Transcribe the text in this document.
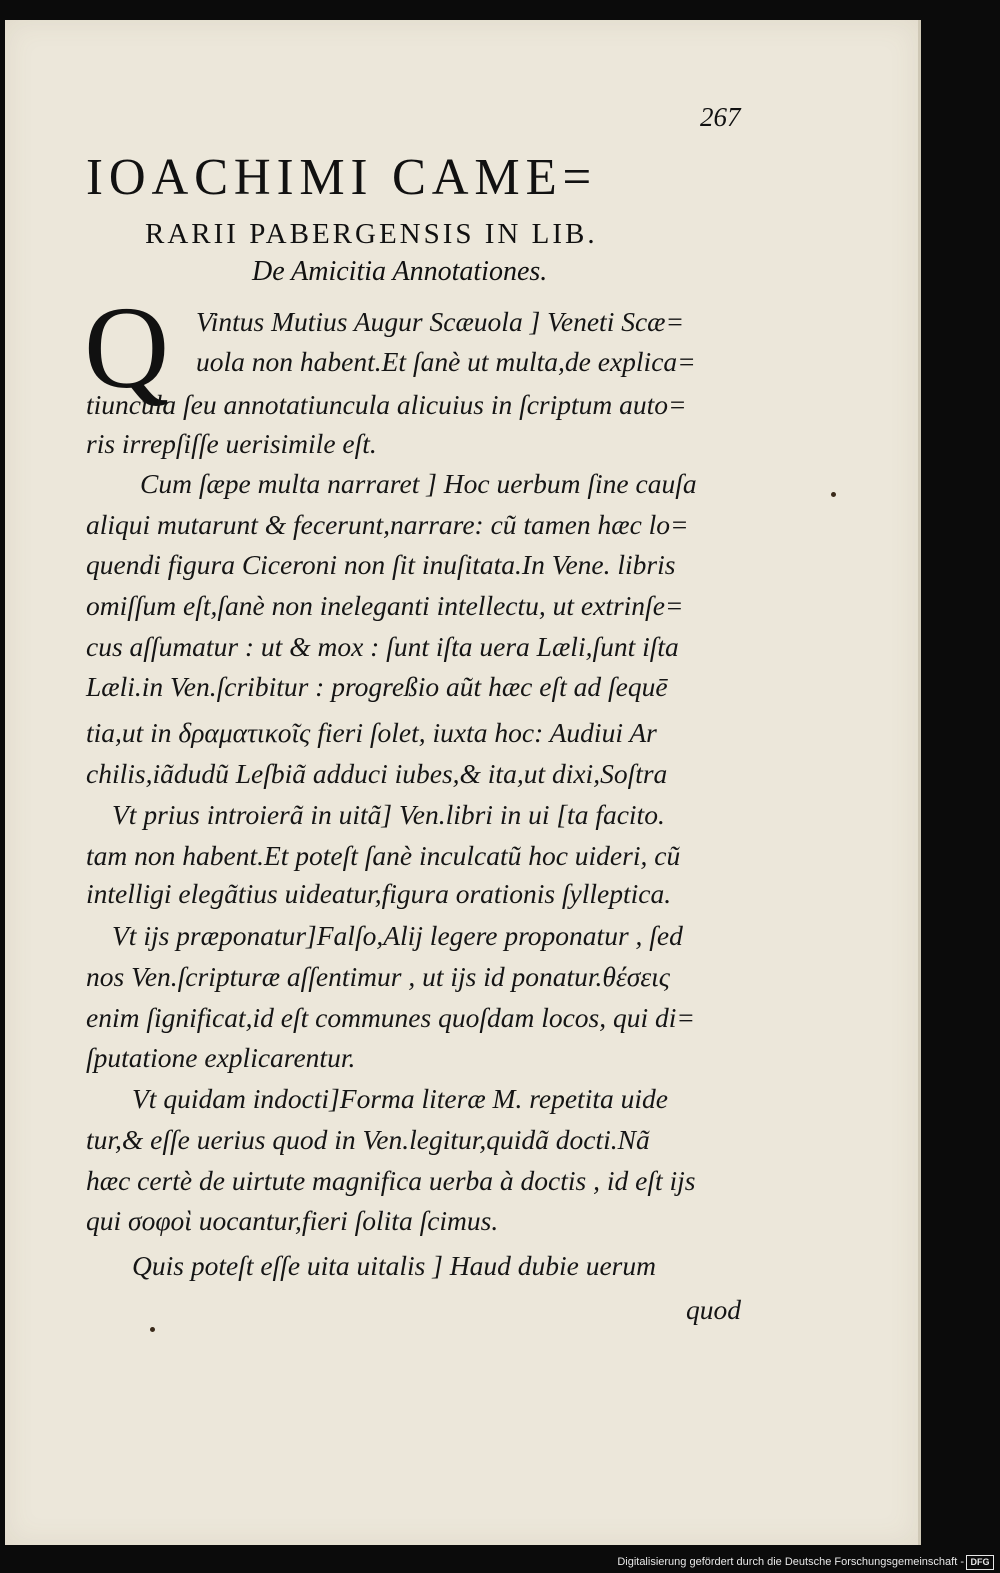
267
IOACHIMI CAME=
RARII PABERGENSIS IN LIB.
De Amicitia Annotationes.
Q Vintus Mutius Augur Scæuola ] Veneti Scæ=
uola non habent.Et ſanè ut multa,de explica=
tiuncula ſeu annotatiuncula alicuius in ſcriptum auto=
ris irrepſiſſe uerisimile eſt.
Cum ſæpe multa narraret ] Hoc uerbum ſine cauſa
aliqui mutarunt & fecerunt,narrare: cũ tamen hæc lo=
quendi figura Ciceroni non ſit inuſitata.In Vene. libris
omiſſum eſt,ſanè non ineleganti intellectu, ut extrinſe=
cus aſſumatur : ut & mox : ſunt iſta uera Læli,ſunt iſta
Læli.in Ven.ſcribitur : progreßio aũt hæc eſt ad ſequē
tia,ut in δραματικοῖς fieri ſolet, iuxta hoc: Audiui Ar
chilis,iãdudũ Leſbiã adduci iubes,& ita,ut dixi,Soſtra
Vt prius introierã in uitã] Ven.libri in ui [ta facito.
tam non habent.Et poteſt ſanè inculcatũ hoc uideri, cũ
intelligi elegãtius uideatur,figura orationis ſylleptica.
Vt ijs præponatur]Falſo,Alij legere proponatur , ſed
nos Ven.ſcripturæ aſſentimur , ut ijs id ponatur.θέσεις
enim ſignificat,id eſt communes quoſdam locos, qui di=
ſputatione explicarentur.
Vt quidam indocti]Forma literæ M. repetita uide
tur,& eſſe uerius quod in Ven.legitur,quidã docti.Nã
hæc certè de uirtute magnifica uerba à doctis , id eſt ijs
qui σοφοὶ uocantur,fieri ſolita ſcimus.
Quis poteſt eſſe uita uitalis ] Haud dubie uerum
quod
Digitalisierung gefördert durch die Deutsche Forschungsgemeinschaft - DFG
